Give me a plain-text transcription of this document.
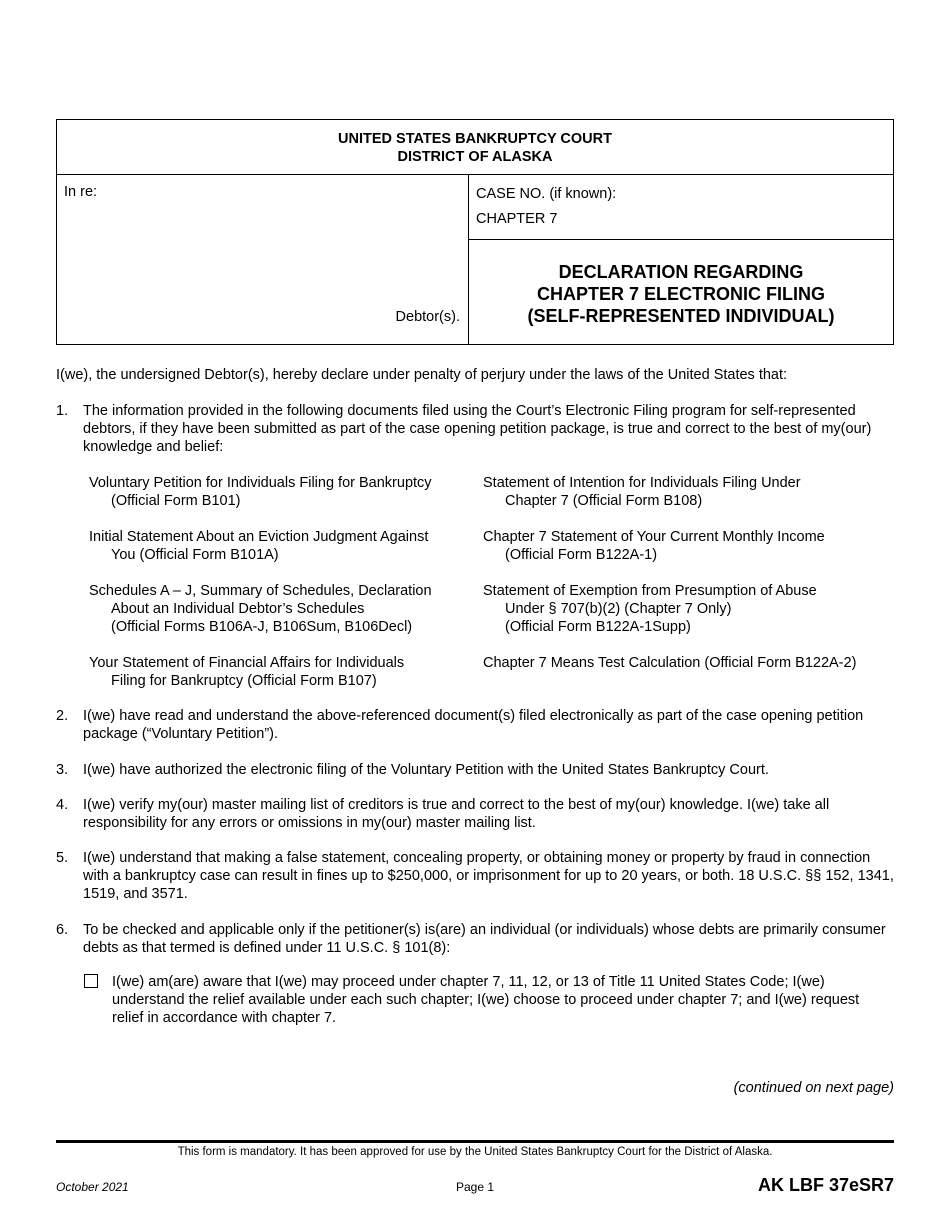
UNITED STATES BANKRUPTCY COURT
DISTRICT OF ALASKA
In re:
Debtor(s).
CASE NO. (if known):
CHAPTER 7
DECLARATION REGARDING
CHAPTER 7 ELECTRONIC FILING
(SELF-REPRESENTED INDIVIDUAL)
I(we), the undersigned Debtor(s), hereby declare under penalty of perjury under the laws of the United States that:
1. The information provided in the following documents filed using the Court’s Electronic Filing program for self-represented debtors, if they have been submitted as part of the case opening petition package, is true and correct to the best of my(our) knowledge and belief:
Voluntary Petition for Individuals Filing for Bankruptcy
(Official Form B101)
Initial Statement About an Eviction Judgment Against
You (Official Form B101A)
Schedules A – J, Summary of Schedules, Declaration
About an Individual Debtor’s Schedules
(Official Forms B106A-J, B106Sum, B106Decl)
Your Statement of Financial Affairs for Individuals
Filing for Bankruptcy (Official Form B107)
Statement of Intention for Individuals Filing Under
Chapter 7 (Official Form B108)
Chapter 7 Statement of Your Current Monthly Income
(Official Form B122A-1)
Statement of Exemption from Presumption of Abuse
Under § 707(b)(2) (Chapter 7 Only)
(Official Form B122A-1Supp)
Chapter 7 Means Test Calculation (Official Form B122A-2)
2. I(we) have read and understand the above-referenced document(s) filed electronically as part of the case opening petition package (“Voluntary Petition”).
3. I(we) have authorized the electronic filing of the Voluntary Petition with the United States Bankruptcy Court.
4. I(we) verify my(our) master mailing list of creditors is true and correct to the best of my(our) knowledge. I(we) take all responsibility for any errors or omissions in my(our) master mailing list.
5. I(we) understand that making a false statement, concealing property, or obtaining money or property by fraud in connection with a bankruptcy case can result in fines up to $250,000, or imprisonment for up to 20 years, or both. 18 U.S.C. §§ 152, 1341, 1519, and 3571.
6. To be checked and applicable only if the petitioner(s) is(are) an individual (or individuals) whose debts are primarily consumer debts as that termed is defined under 11 U.S.C. § 101(8):
I(we) am(are) aware that I(we) may proceed under chapter 7, 11, 12, or 13 of Title 11 United States Code; I(we) understand the relief available under each such chapter; I(we) choose to proceed under chapter 7; and I(we) request relief in accordance with chapter 7.
(continued on next page)
This form is mandatory. It has been approved for use by the United States Bankruptcy Court for the District of Alaska.
October 2021	Page 1	AK LBF 37eSR7
